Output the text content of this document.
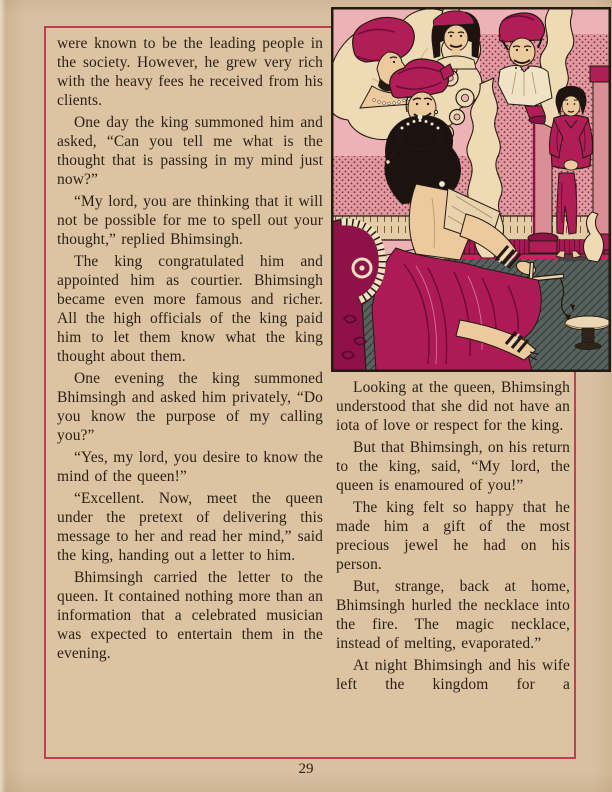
were known to be the leading people in the society. However, he grew very rich with the heavy fees he received from his clients.

One day the king summoned him and asked, “Can you tell me what is the thought that is passing in my mind just now?”

“My lord, you are thinking that it will not be possible for me to spell out your thought,” replied Bhimsingh.

The king congratulated him and appointed him as courtier. Bhimsingh became even more famous and richer. All the high officials of the king paid him to let them know what the king thought about them.

One evening the king summoned Bhimsingh and asked him privately, “Do you know the purpose of my calling you?”

“Yes, my lord, you desire to know the mind of the queen!”

“Excellent. Now, meet the queen under the pretext of delivering this message to her and read her mind,” said the king, handing out a letter to him.

Bhimsingh carried the letter to the queen. It contained nothing more than an information that a celebrated musician was expected to entertain them in the evening.

Looking at the queen, Bhimsingh understood that she did not have an iota of love or respect for the king.

But that Bhimsingh, on his return to the king, said, “My lord, the queen is enamoured of you!”

The king felt so happy that he made him a gift of the most precious jewel he had on his person.

But, strange, back at home, Bhimsingh hurled the necklace into the fire. The magic necklace, instead of melting, evaporated.”

At night Bhimsingh and his wife left the kingdom for a

29
